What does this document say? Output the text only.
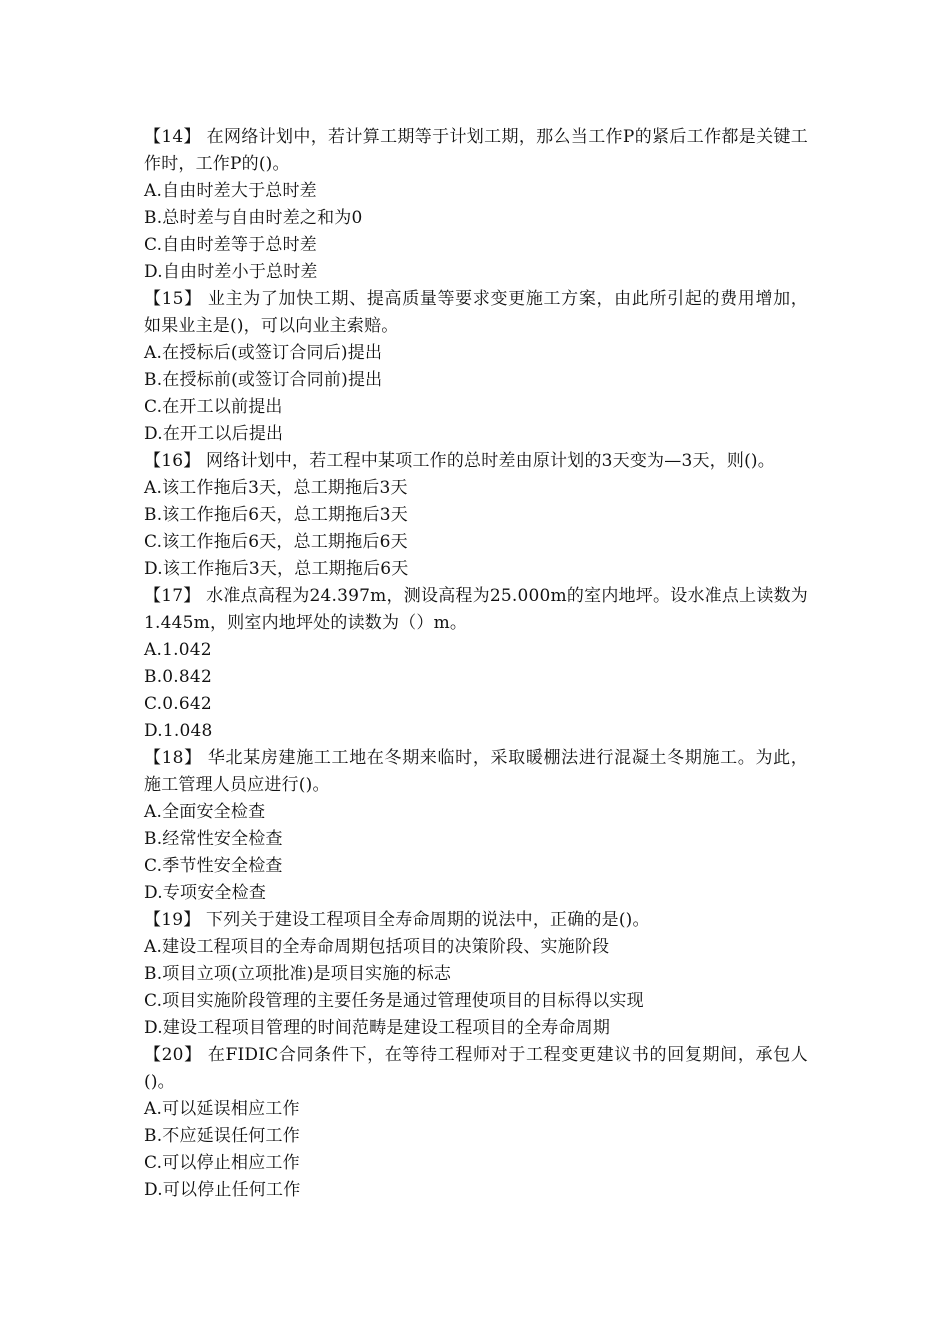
【14】 在网络计划中，若计算工期等于计划工期，那么当工作P的紧后工作都是关键工作时，工作P的()。

A.自由时差大于总时差

B.总时差与自由时差之和为0

C.自由时差等于总时差

D.自由时差小于总时差

【15】 业主为了加快工期、提高质量等要求变更施工方案，由此所引起的费用增加，如果业主是()，可以向业主索赔。

A.在授标后(或签订合同后)提出

B.在授标前(或签订合同前)提出

C.在开工以前提出

D.在开工以后提出

【16】 网络计划中，若工程中某项工作的总时差由原计划的3天变为—3天，则()。

A.该工作拖后3天，总工期拖后3天

B.该工作拖后6天，总工期拖后3天

C.该工作拖后6天，总工期拖后6天

D.该工作拖后3天，总工期拖后6天

【17】 水准点高程为24.397m，测设高程为25.000m的室内地坪。设水准点上读数为1.445m，则室内地坪处的读数为（）m。

A.1.042

B.0.842

C.0.642

D.1.048

【18】 华北某房建施工工地在冬期来临时，采取暖棚法进行混凝土冬期施工。为此，施工管理人员应进行()。

A.全面安全检查

B.经常性安全检查

C.季节性安全检查

D.专项安全检查

【19】 下列关于建设工程项目全寿命周期的说法中，正确的是()。

A.建设工程项目的全寿命周期包括项目的决策阶段、实施阶段

B.项目立项(立项批准)是项目实施的标志

C.项目实施阶段管理的主要任务是通过管理使项目的目标得以实现

D.建设工程项目管理的时间范畴是建设工程项目的全寿命周期

【20】 在FIDIC合同条件下，在等待工程师对于工程变更建议书的回复期间，承包人()。

A.可以延误相应工作

B.不应延误任何工作

C.可以停止相应工作

D.可以停止任何工作
